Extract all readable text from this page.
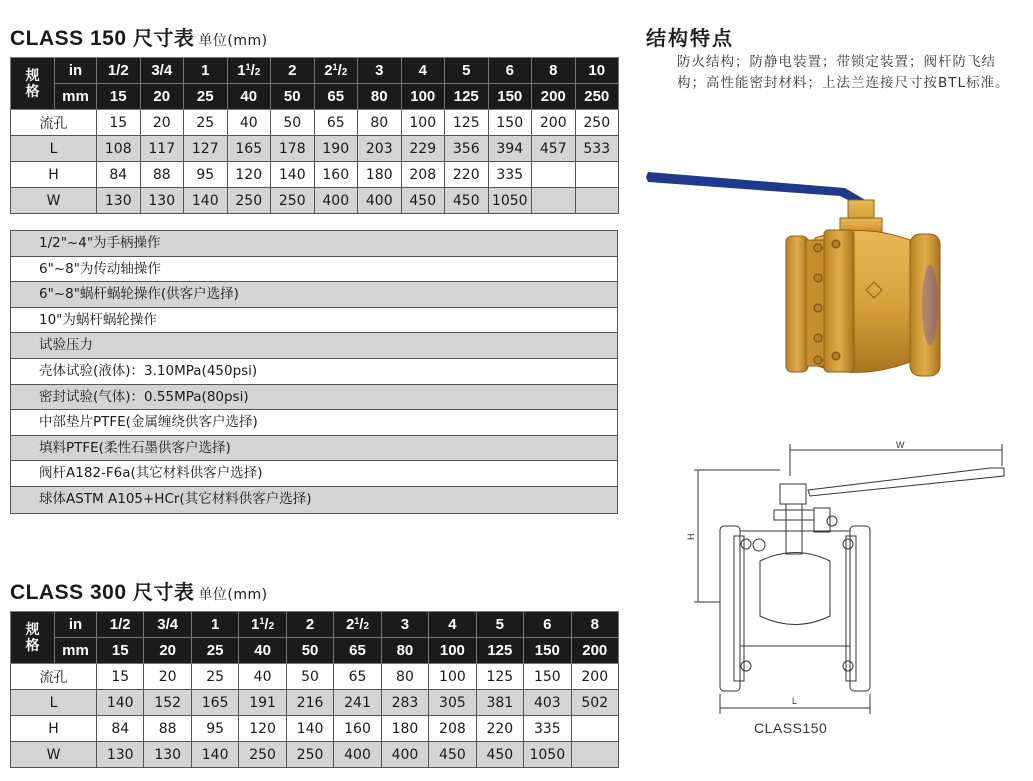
CLASS 150 尺寸表 单位(mm)
规
格	in	1/2	3/4	1	$1^1/2$	2	$2^1/2$	3	4	5	6	8	10
	mm	15	20	25	40	50	65	80	100	125	150	200	250
流孔		15	20	25	40	50	65	80	100	125	150	200	250
L		108	117	127	165	178	190	203	229	356	394	457	533
H		84	88	95	120	140	160	180	208	220	335		
W		130	130	140	250	250	400	400	450	450	1050		
1/2"~4"为手柄操作
6"~8"为传动轴操作
6"~8"蜗杆蜗轮操作(供客户选择)
10"为蜗杆蜗轮操作
试验压力
壳体试验(液体)：3.10MPa(450psi)
密封试验(气体)：0.55MPa(80psi)
中部垫片PTFE(金属缠绕供客户选择)
填料PTFE(柔性石墨供客户选择)
阀杆A182-F6a(其它材料供客户选择)
球体ASTM A105+HCr(其它材料供客户选择)
CLASS 300 尺寸表 单位(mm)
规
格	in	1/2	3/4	1	$1^1/2$	2	$2^1/2$	3	4	5	6	8
	mm	15	20	25	40	50	65	80	100	125	150	200
流孔		15	20	25	40	50	65	80	100	125	150	200
L		140	152	165	191	216	241	283	305	381	403	502
H		84	88	95	120	140	160	180	208	220	335	
W		130	130	140	250	250	400	400	450	450	1050	
结构特点
防火结构；防静电装置；带锁定装置；阀杆防飞结构；高性能密封材料；上法兰连接尺寸按BTL标准。
W
H
L
CLASS150
